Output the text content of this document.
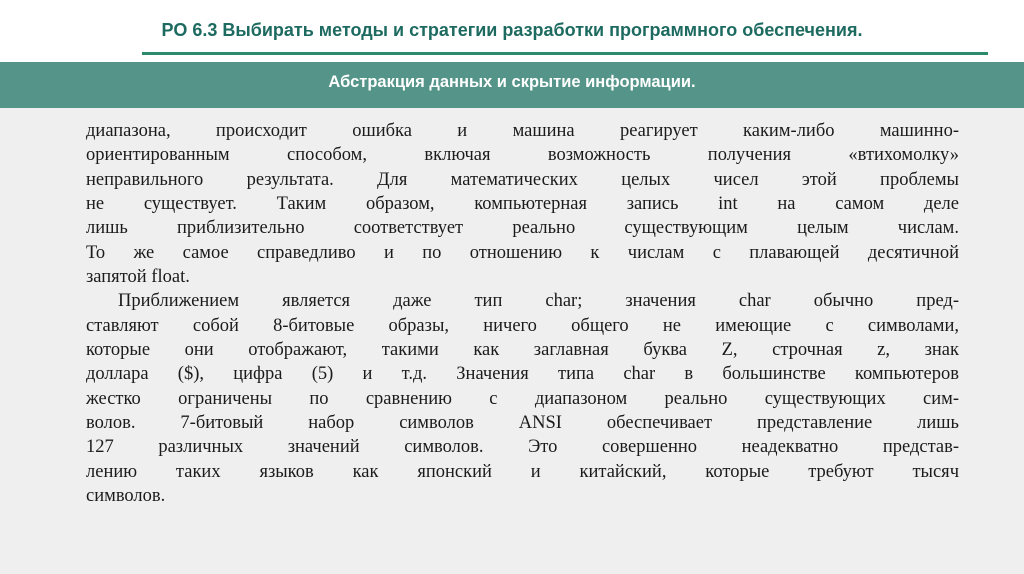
РО 6.3 Выбирать методы и стратегии разработки программного обеспечения.
Абстракция данных и скрытие информации.
диапазона, происходит ошибка и машина реагирует каким-либо машинно-
ориентированным способом, включая возможность получения «втихомолку»
неправильного результата. Для математических целых чисел этой проблемы
не существует. Таким образом, компьютерная запись int на самом деле
лишь приблизительно соответствует реально существующим целым числам.
То же самое справедливо и по отношению к числам с плавающей десятичной
запятой float.
Приближением является даже тип char; значения char обычно пред-
ставляют собой 8-битовые образы, ничего общего не имеющие с символами,
которые они отображают, такими как заглавная буква Z, строчная z, знак
доллара ($), цифра (5) и т.д. Значения типа char в большинстве компьютеров
жестко ограничены по сравнению с диапазоном реально существующих сим-
волов. 7-битовый набор символов ANSI обеспечивает представление лишь
127 различных значений символов. Это совершенно неадекватно представ-
лению таких языков как японский и китайский, которые требуют тысяч
символов.
